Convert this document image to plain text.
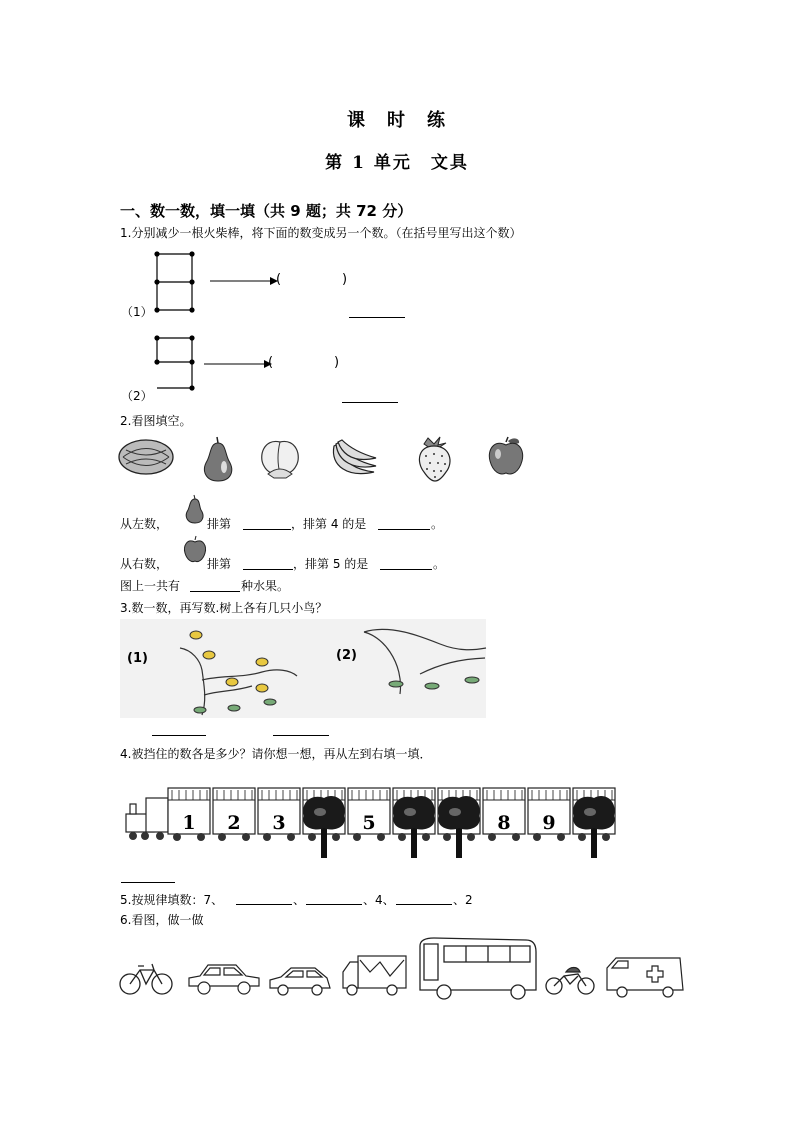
课　时　练
第 1 单元　文具
一、数一数，填一填（共 9 题；共 72 分）
1.分别减少一根火柴棒，将下面的数变成另一个数。（在括号里写出这个数）
(	)
（1）
(	)
（2）
2.看图填空。
从左数，	排第	，排第 4 的是	。
从右数，	排第	，排第 5 的是	。
图上一共有	种水果。
3.数一数，再写数.树上各有几只小鸟？
(1)	(2)
4.被挡住的数各是多少？请你想一想，再从左到右填一填．
1 2 3	5	8 9
5.按规律填数：7、	、	、4、	、2
6.看图，做一做
